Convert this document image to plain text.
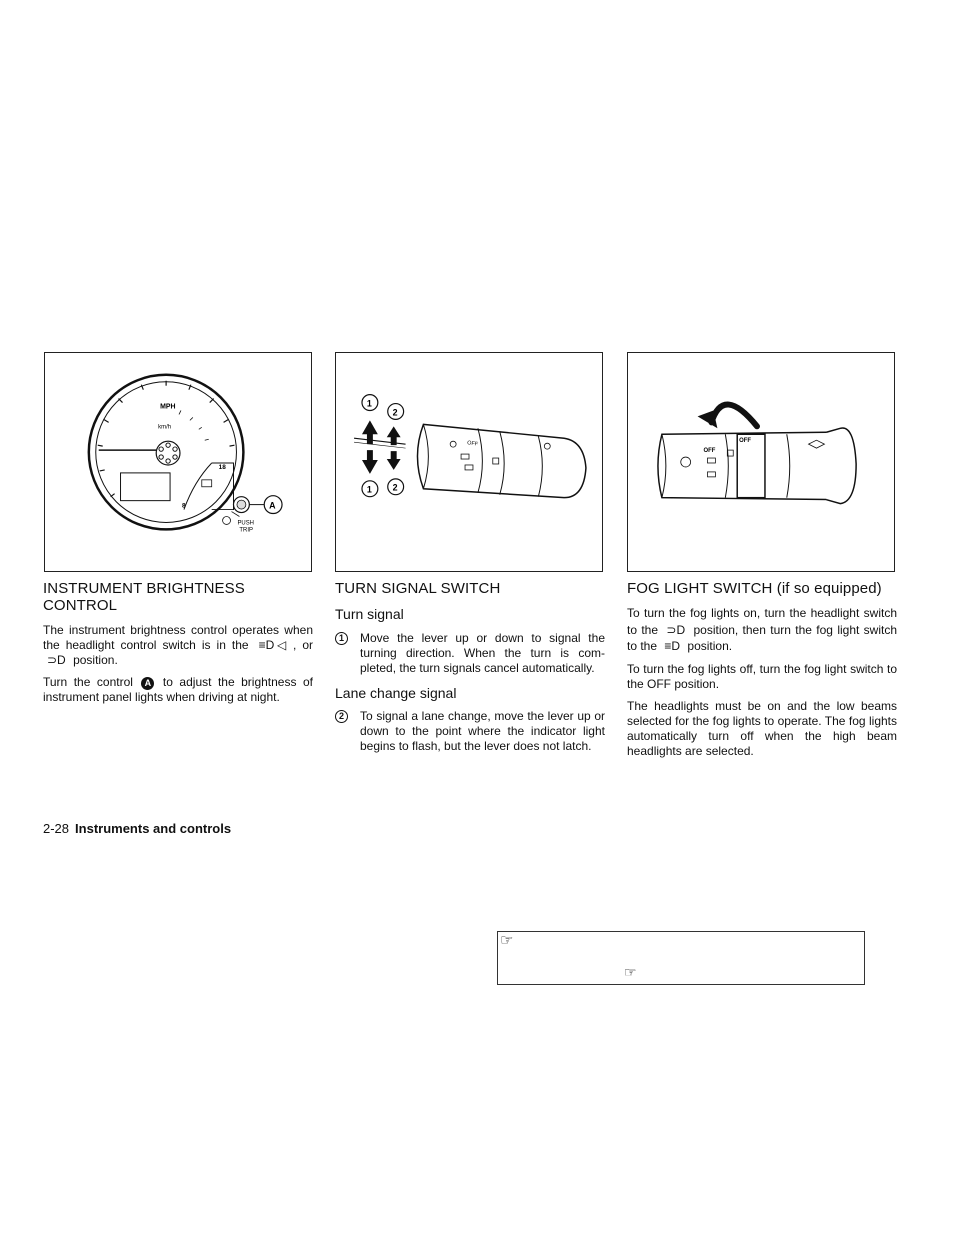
MPH
km/h
18
8	A
PUSH
TRIP
OFF
1
2
1 2
OFF
OFF
INSTRUMENT BRIGHTNESS
CONTROL

The instrument brightness control operates when the headlight control switch is in the ≡D◁ , or ⊃D position.

Turn the control A to adjust the brightness of instrument panel lights when driving at night.

TURN SIGNAL SWITCH
Turn signal

1	Move the lever up or down to signal the turning direction. When the turn is com-pleted, the turn signals cancel automatically.

Lane change signal

2	To signal a lane change, move the lever up or down to the point where the indicator light begins to flash, but the lever does not latch.

FOG LIGHT SWITCH (if so equipped)

To turn the fog lights on, turn the headlight switch to the ⊃D position, then turn the fog light switch to the ≡D position.

To turn the fog lights off, turn the fog light switch to the OFF position.

The headlights must be on and the low beams selected for the fog lights to operate. The fog lights automatically turn off when the high beam headlights are selected.

2-28 Instruments and controls
☞
☞
